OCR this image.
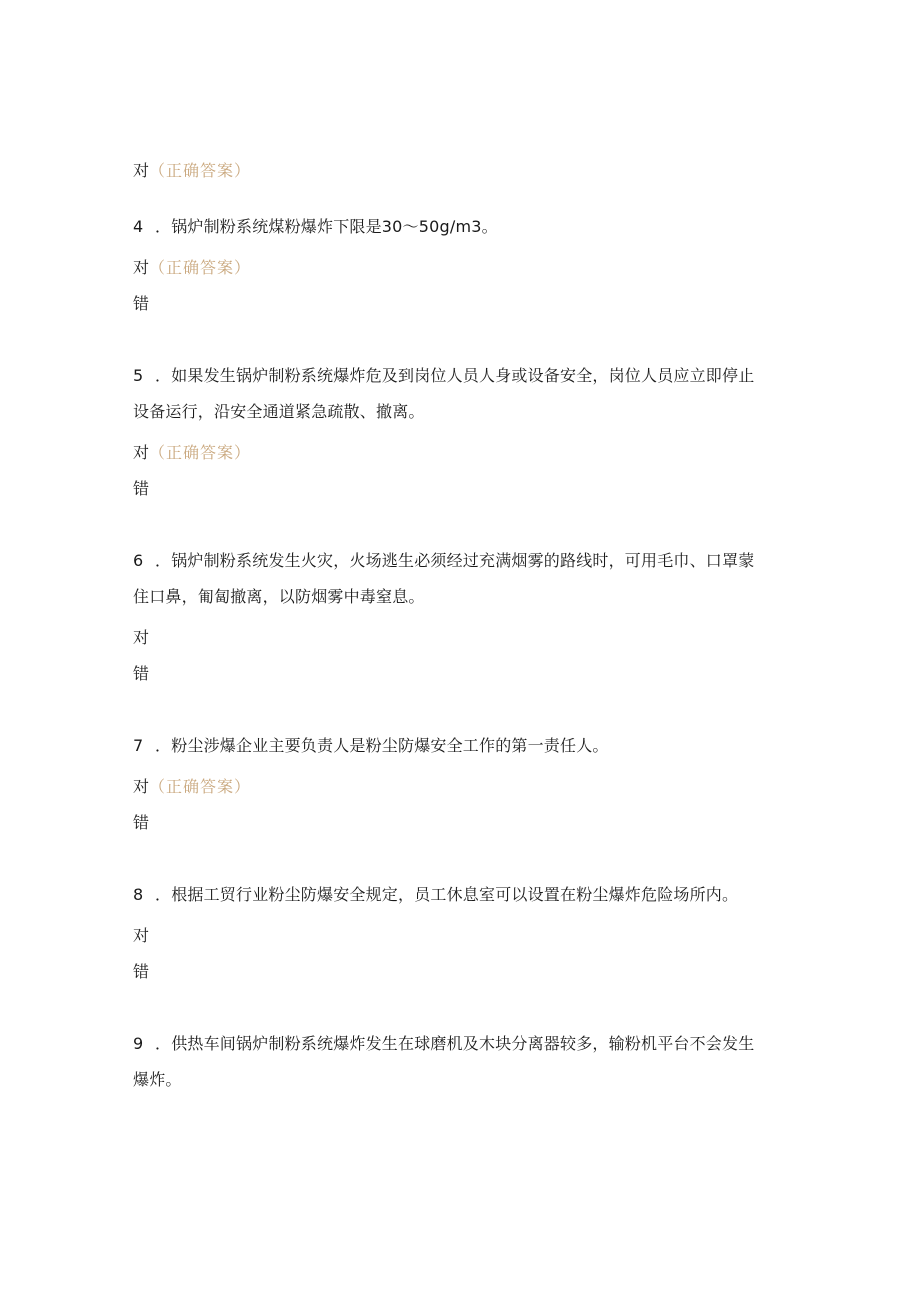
对（正确答案）
4 ．锅炉制粉系统煤粉爆炸下限是30～50g∕m3。
对（正确答案）
错
5 ．如果发生锅炉制粉系统爆炸危及到岗位人员人身或设备安全，岗位人员应立即停止
设备运行，沿安全通道紧急疏散、撤离。
对（正确答案）
错
6 ．锅炉制粉系统发生火灾，火场逃生必须经过充满烟雾的路线时，可用毛巾、口罩蒙
住口鼻，匍匐撤离，以防烟雾中毒窒息。
对
错
7 ．粉尘涉爆企业主要负责人是粉尘防爆安全工作的第一责任人。
对（正确答案）
错
8 ．根据工贸行业粉尘防爆安全规定，员工休息室可以设置在粉尘爆炸危险场所内。
对
错
9 ．供热车间锅炉制粉系统爆炸发生在球磨机及木块分离器较多，输粉机平台不会发生
爆炸。
